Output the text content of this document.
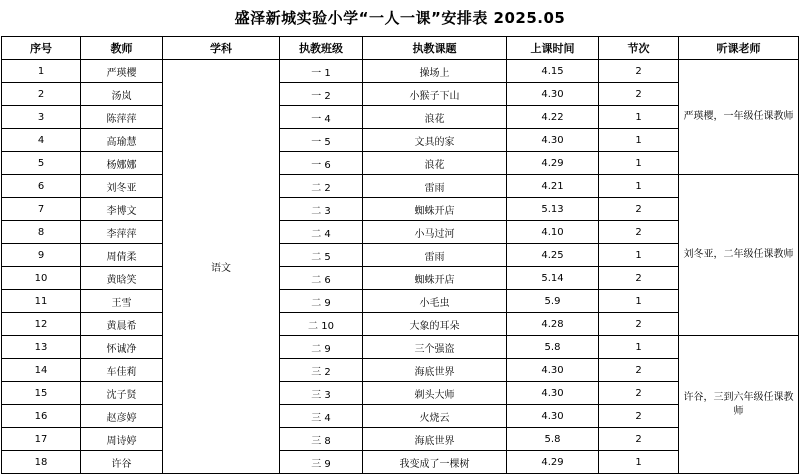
盛泽新城实验小学“一人一课”安排表 2025.05
序号	教师	学科	执教班级	执教课题	上课时间	节次	听课老师
1	严瑛樱	语文	一 1	操场上	4.15	2	严瑛樱，一年级任课教师
2	汤岚		一 2	小猴子下山	4.30	2	
3	陈萍萍		一 4	浪花	4.22	1	
4	高瑜慧		一 5	文具的家	4.30	1	
5	杨娜娜		一 6	浪花	4.29	1	
6	刘冬亚		二 2	雷雨	4.21	1	刘冬亚，二年级任课教师
7	李博文		二 3	蜘蛛开店	5.13	2	
8	李萍萍		二 4	小马过河	4.10	2	
9	周倩柔		二 5	雷雨	4.25	1	
10	黄晗笑		二 6	蜘蛛开店	5.14	2	
11	王雪		二 9	小毛虫	5.9	1	
12	黄晨希		二 10	大象的耳朵	4.28	2	
13	怀诚净		二 9	三个强盗	5.8	1	许谷，三到六年级任课教师
14	车佳莉		三 2	海底世界	4.30	2	
15	沈子贤		三 3	剃头大师	4.30	2	
16	赵彦婷		三 4	火烧云	4.30	2	
17	周诗婷		三 8	海底世界	5.8	2	
18	许谷		三 9	我变成了一棵树	4.29	1	
